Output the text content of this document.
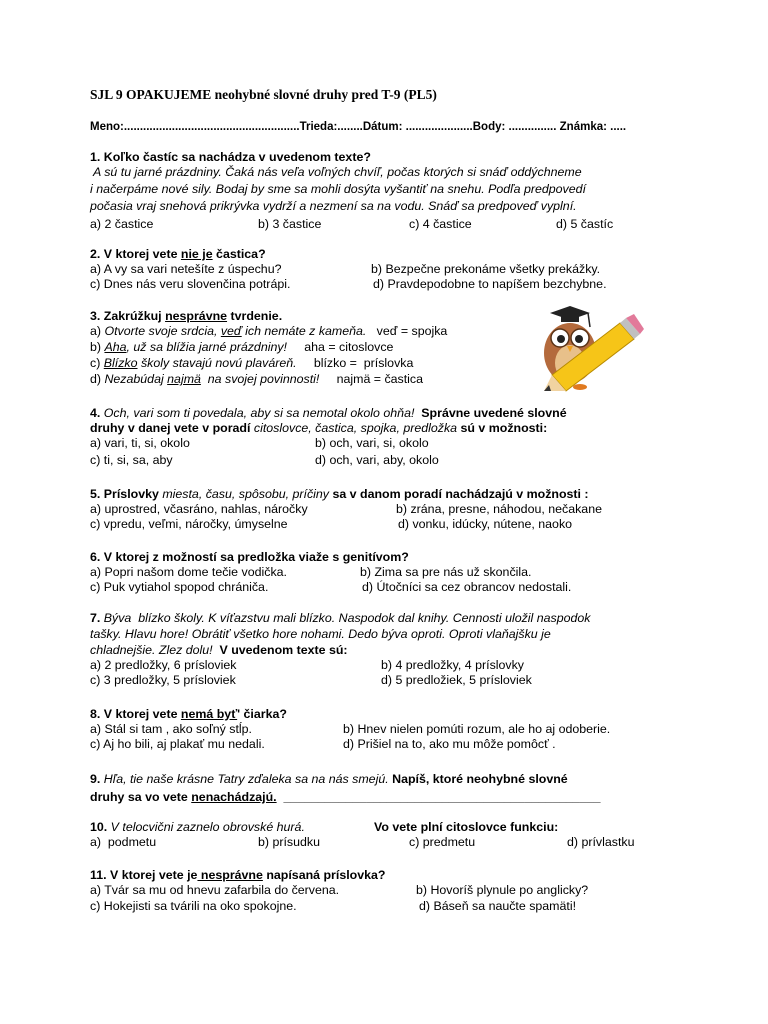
SJL 9 OPAKUJEME neohybné slovné druhy pred T-9 (PL5)
Meno:.......................................................Trieda:........Dátum: .....................Body: ............... Známka: .....
1. Koľko častíc sa nachádza v uvedenom texte?
A sú tu jarné prázdniny. Čaká nás veľa voľných chvíľ, počas ktorých si snáď oddýchneme
i načerpáme nové sily. Bodaj by sme sa mohli dosýta vyšantiť na snehu. Podľa predpovedí
počasia vraj snehová prikrývka vydrží a nezmení sa na vodu. Snáď sa predpoveď vyplní.
a) 2 častice	b) 3 častice	c) 4 častice	d) 5 častíc
2. V ktorej vete nie je častica?
a) A vy sa vari netešíte z úspechu?	b) Bezpečne prekonáme všetky prekážky.
c) Dnes nás veru slovenčina potrápi.	d) Pravdepodobne to napíšem bezchybne.
3. Zakrúžkuj nesprávne tvrdenie.
a) Otvorte svoje srdcia, veď ich nemáte z kameňa.   veď = spojka
b) Aha, už sa blížia jarné prázdniny!     aha = citoslovce
c) Blízko školy stavajú novú plaváreň.     blízko =  príslovka
d) Nezabúdaj najmä  na svojej povinnosti!     najmä = častica
4. Och, vari som ti povedala, aby si sa nemotal okolo ohňa!  Správne uvedené slovné
druhy v danej vete v poradí citoslovce, častica, spojka, predložka sú v možnosti:
a) vari, ti, si, okolo	b) och, vari, si, okolo
c) ti, si, sa, aby	d) och, vari, aby, okolo
5. Príslovky miesta, času, spôsobu, príčiny sa v danom poradí nachádzajú v možnosti :
a) uprostred, včasráno, nahlas, náročky	b) zrána, presne, náhodou, nečakane
c) vpredu, veľmi, náročky, úmyselne	d) vonku, idúcky, nútene, naoko
6. V ktorej z možností sa predložka viaže s genitívom?
a) Popri našom dome tečie vodička.	b) Zima sa pre nás už skončila.
c) Puk vytiahol spopod chrániča.	d) Útočníci sa cez obrancov nedostali.
7. Býva  blízko školy. K víťazstvu mali blízko. Naspodok dal knihy. Cennosti uložil naspodok
tašky. Hlavu hore! Obrátiť všetko hore nohami. Dedo býva oproti. Oproti vlaňajšku je
chladnejšie. Zlez dolu!  V uvedenom texte sú:
a) 2 predložky, 6 prísloviek	b) 4 predložky, 4 príslovky
c) 3 predložky, 5 prísloviek	d) 5 predložiek, 5 prísloviek
8. V ktorej vete nemá byť' čiarka?
a) Stál si tam , ako soľný stĺp.	b) Hnev nielen pomúti rozum, ale ho aj odoberie.
c) Aj ho bili, aj plakať mu nedali.	d) Prišiel na to, ako mu môže pomôcť .
9. Hľa, tie naše krásne Tatry zďaleka sa na nás smejú. Napíš, ktoré neohybné slovné
druhy sa vo vete nenachádzajú.  ______________________________________________
10. V telocvični zaznelo obrovské hurá.	Vo vete plní citoslovce funkciu:
a)  podmetu	b) prísudku	c) predmetu	d) prívlastku
11. V ktorej vete je nesprávne napísaná príslovka?
a) Tvár sa mu od hnevu zafarbila do červena.	b) Hovoríš plynule po anglicky?
c) Hokejisti sa tvárili na oko spokojne.	d) Báseň sa naučte spamäti!
